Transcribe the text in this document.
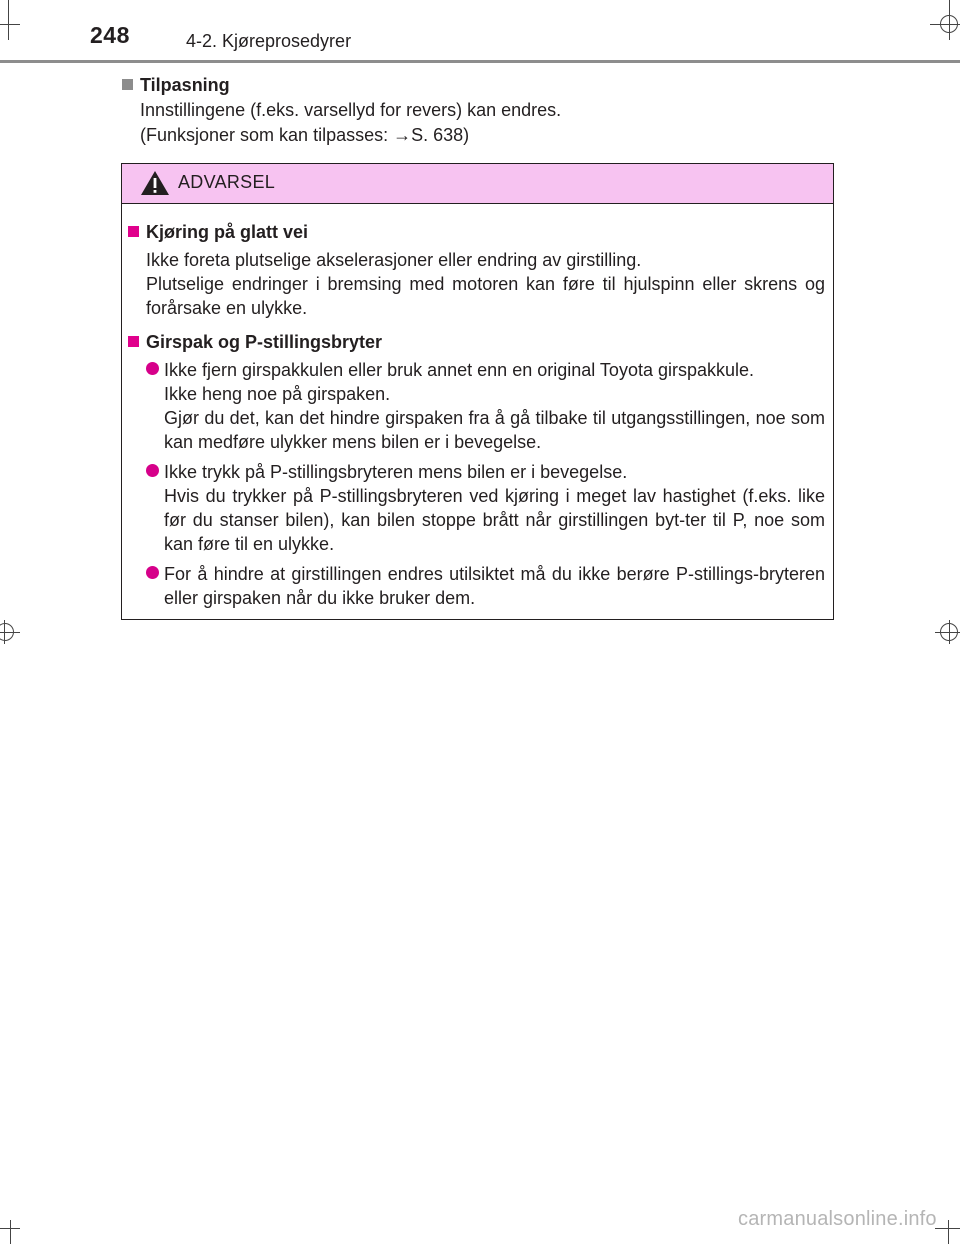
248	4-2. Kjøreprosedyrer
Tilpasning
Innstillingene (f.eks. varsellyd for revers) kan endres.
(Funksjoner som kan tilpasses: →S. 638)
ADVARSEL
Kjøring på glatt vei
Ikke foreta plutselige akselerasjoner eller endring av girstilling.
Plutselige endringer i bremsing med motoren kan føre til hjulspinn eller skrens og forårsake en ulykke.
Girspak og P-stillingsbryter
Ikke fjern girspakkulen eller bruk annet enn en original Toyota girspakkule.
Ikke heng noe på girspaken.
Gjør du det, kan det hindre girspaken fra å gå tilbake til utgangsstillingen, noe som kan medføre ulykker mens bilen er i bevegelse.
Ikke trykk på P-stillingsbryteren mens bilen er i bevegelse.
Hvis du trykker på P-stillingsbryteren ved kjøring i meget lav hastighet (f.eks. like før du stanser bilen), kan bilen stoppe brått når girstillingen byt-ter til P, noe som kan føre til en ulykke.
For å hindre at girstillingen endres utilsiktet må du ikke berøre P-stillings-bryteren eller girspaken når du ikke bruker dem.
carmanualsonline.info
